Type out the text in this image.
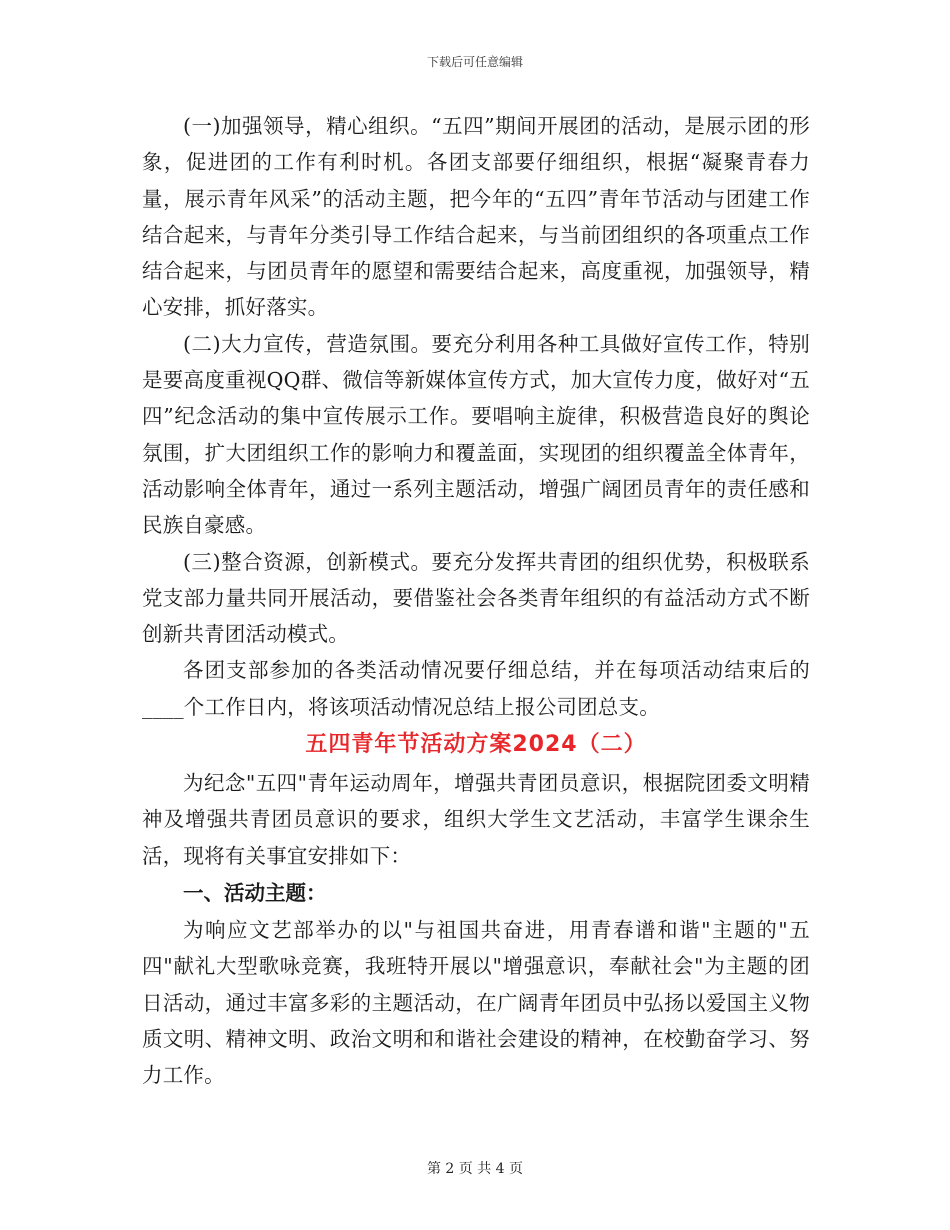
下载后可任意编辑

(一)加强领导，精心组织。“五四”期间开展团的活动，是展示团的形象，促进团的工作有利时机。各团支部要仔细组织，根据“凝聚青春力量，展示青年风采”的活动主题，把今年的“五四”青年节活动与团建工作结合起来，与青年分类引导工作结合起来，与当前团组织的各项重点工作结合起来，与团员青年的愿望和需要结合起来，高度重视，加强领导，精心安排，抓好落实。

(二)大力宣传，营造氛围。要充分利用各种工具做好宣传工作，特别是要高度重视QQ群、微信等新媒体宣传方式，加大宣传力度，做好对“五四”纪念活动的集中宣传展示工作。要唱响主旋律，积极营造良好的舆论氛围，扩大团组织工作的影响力和覆盖面，实现团的组织覆盖全体青年，活动影响全体青年，通过一系列主题活动，增强广阔团员青年的责任感和民族自豪感。

(三)整合资源，创新模式。要充分发挥共青团的组织优势，积极联系党支部力量共同开展活动，要借鉴社会各类青年组织的有益活动方式不断创新共青团活动模式。

各团支部参加的各类活动情况要仔细总结，并在每项活动结束后的____个工作日内，将该项活动情况总结上报公司团总支。

五四青年节活动方案2024（二）

为纪念"五四"青年运动周年，增强共青团员意识，根据院团委文明精神及增强共青团员意识的要求，组织大学生文艺活动，丰富学生课余生活，现将有关事宜安排如下：

一、活动主题：

为响应文艺部举办的以"与祖国共奋进，用青春谱和谐"主题的"五四"献礼大型歌咏竞赛，我班特开展以"增强意识，奉献社会"为主题的团日活动，通过丰富多彩的主题活动，在广阔青年团员中弘扬以爱国主义物质文明、精神文明、政治文明和和谐社会建设的精神，在校勤奋学习、努力工作。

第 2 页 共 4 页
